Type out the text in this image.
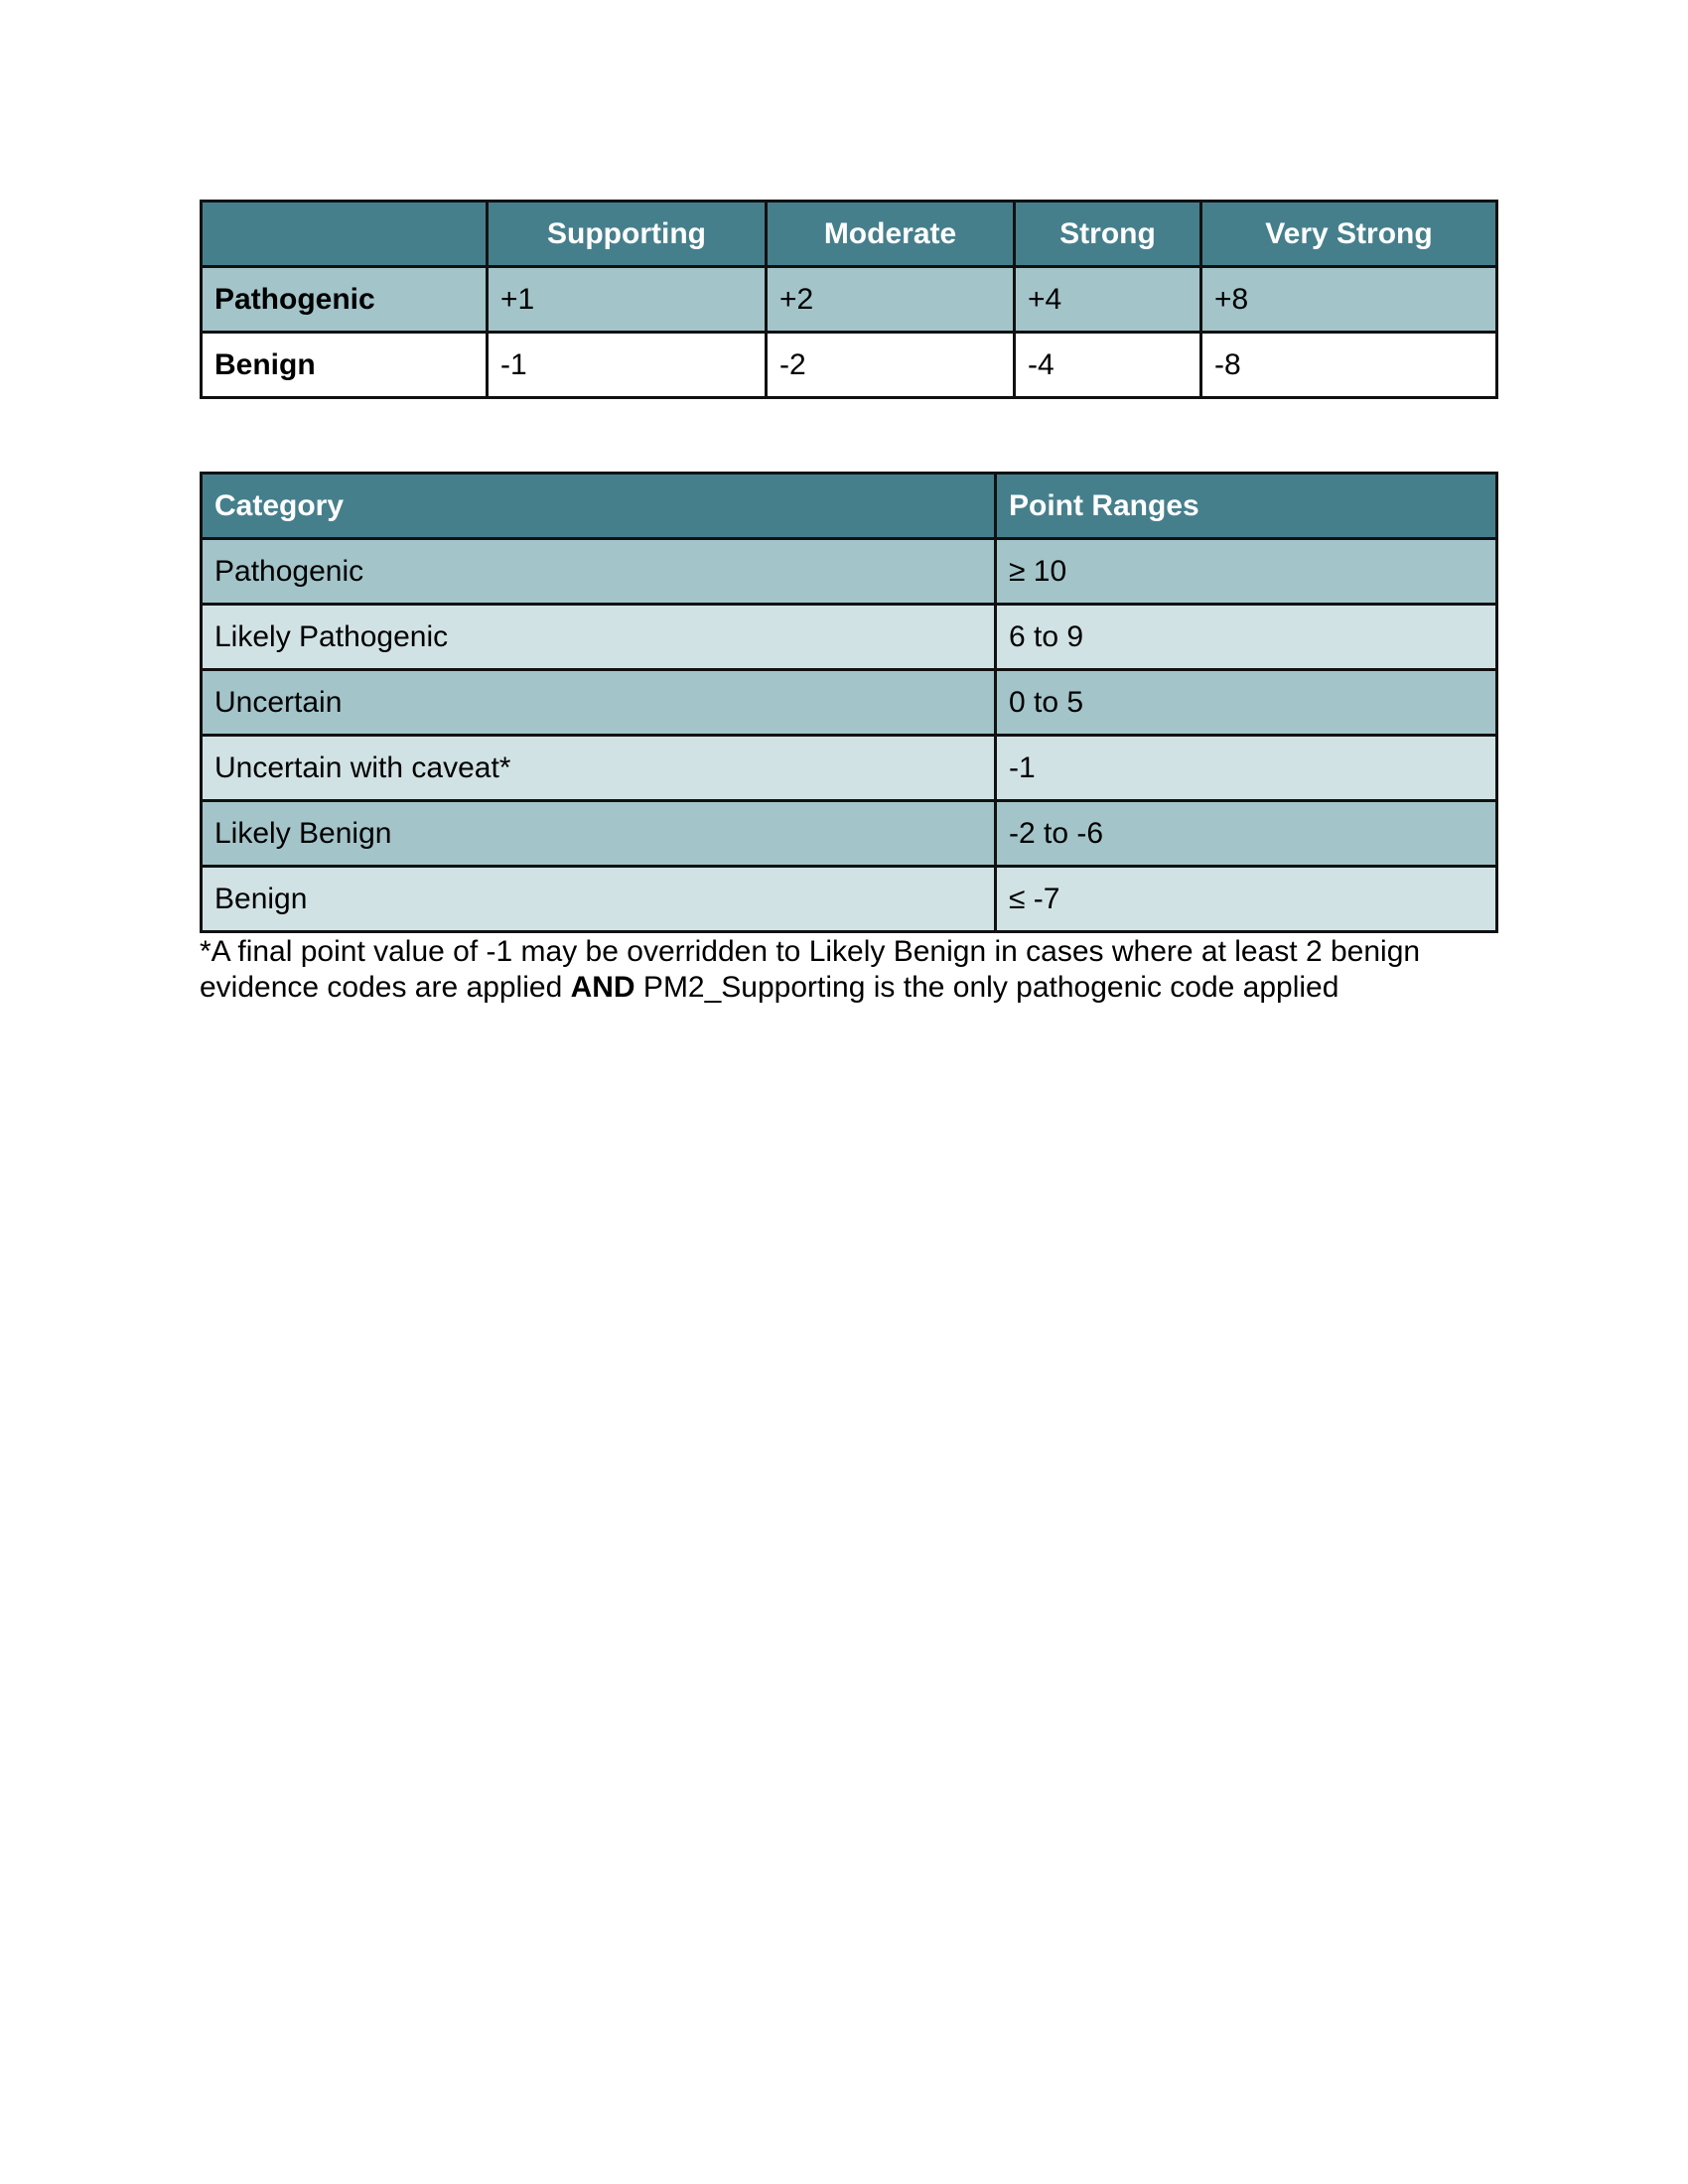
	Supporting	Moderate	Strong	Very Strong
Pathogenic	+1	+2	+4	+8
Benign	-1	-2	-4	-8
Category	Point Ranges
Pathogenic	≥ 10
Likely Pathogenic	6 to 9
Uncertain	0 to 5
Uncertain with caveat*	-1
Likely Benign	-2 to -6
Benign	≤ -7
*A final point value of -1 may be overridden to Likely Benign in cases where at least 2 benign evidence codes are applied AND PM2_Supporting is the only pathogenic code applied
